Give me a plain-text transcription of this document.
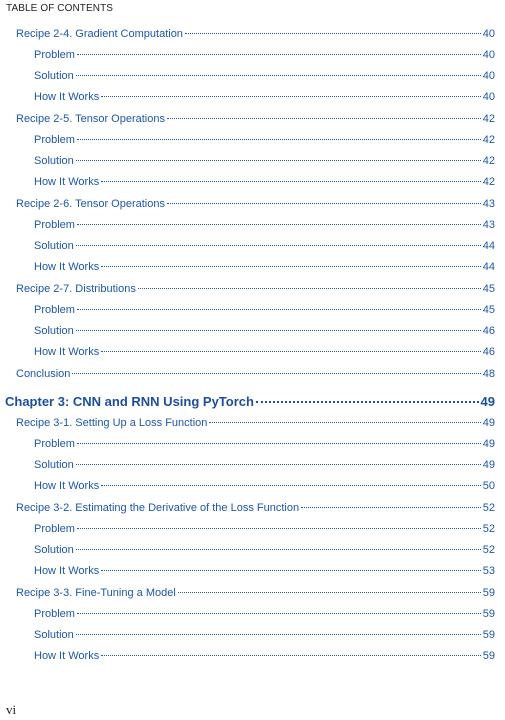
TABLE OF CONTENTS
Recipe 2-4. Gradient Computation	40
Problem	40
Solution	40
How It Works	40
Recipe 2-5. Tensor Operations	42
Problem	42
Solution	42
How It Works	42
Recipe 2-6. Tensor Operations	43
Problem	43
Solution	44
How It Works	44
Recipe 2-7. Distributions	45
Problem	45
Solution	46
How It Works	46
Conclusion	48
Chapter 3: CNN and RNN Using PyTorch	49
Recipe 3-1. Setting Up a Loss Function	49
Problem	49
Solution	49
How It Works	50
Recipe 3-2. Estimating the Derivative of the Loss Function	52
Problem	52
Solution	52
How It Works	53
Recipe 3-3. Fine-Tuning a Model	59
Problem	59
Solution	59
How It Works	59
vi
